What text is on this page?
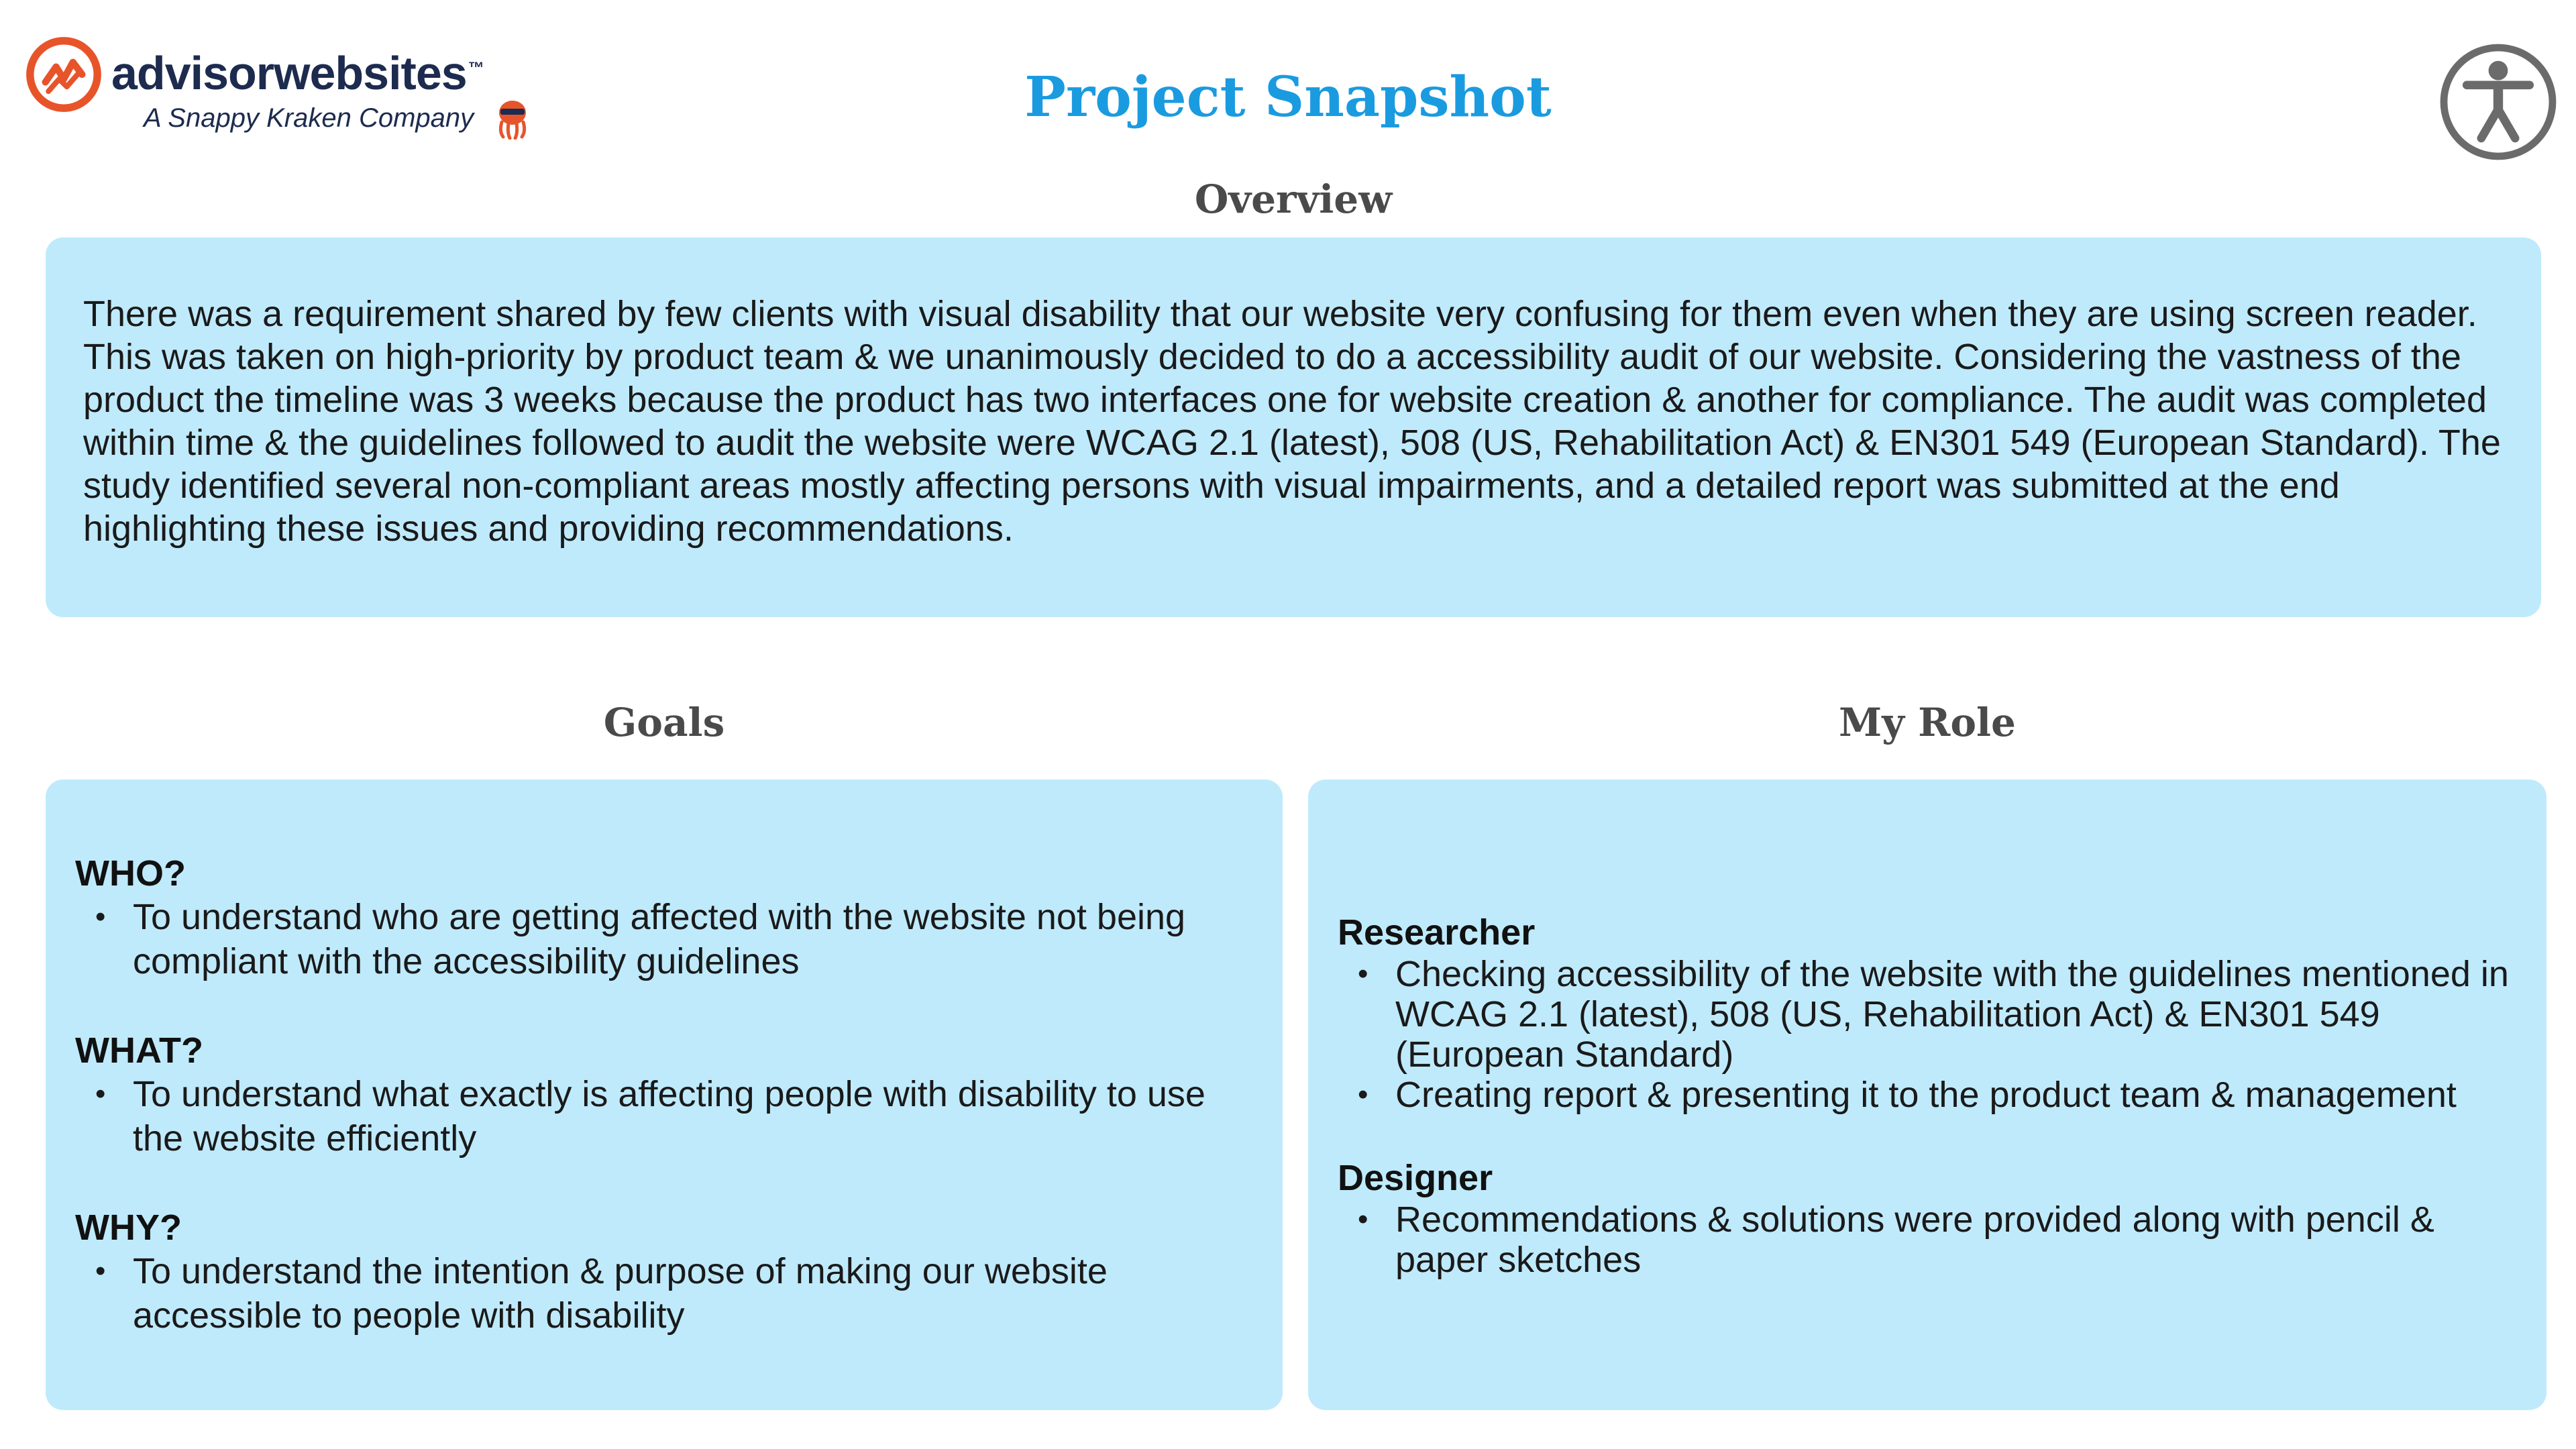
advisorwebsites™
A Snappy Kraken Company	Project Snapshot
Overview

There was a requirement shared by few clients with visual disability that our website very confusing for them even when they are using screen reader. This was taken on high-priority by product team & we unanimously decided to do a accessibility audit of our website. Considering the vastness of the product the timeline was 3 weeks because the product has two interfaces one for website creation & another for compliance. The audit was completed within time & the guidelines followed to audit the website were WCAG 2.1 (latest), 508 (US, Rehabilitation Act) & EN301 549 (European Standard). The study identified several non-compliant areas mostly affecting persons with visual impairments, and a detailed report was submitted at the end highlighting these issues and providing recommendations.

Goals

WHO?

• To understand who are getting affected with the website not being compliant with the accessibility guidelines

WHAT?

• To understand what exactly is affecting people with disability to use the website efficiently

WHY?

• To understand the intention & purpose of making our website accessible to people with disability
My Role

Researcher

• Checking accessibility of the website with the guidelines mentioned in WCAG 2.1 (latest), 508 (US, Rehabilitation Act) & EN301 549 (European Standard)
• Creating report & presenting it to the product team & management

Designer

• Recommendations & solutions were provided along with pencil & paper sketches
